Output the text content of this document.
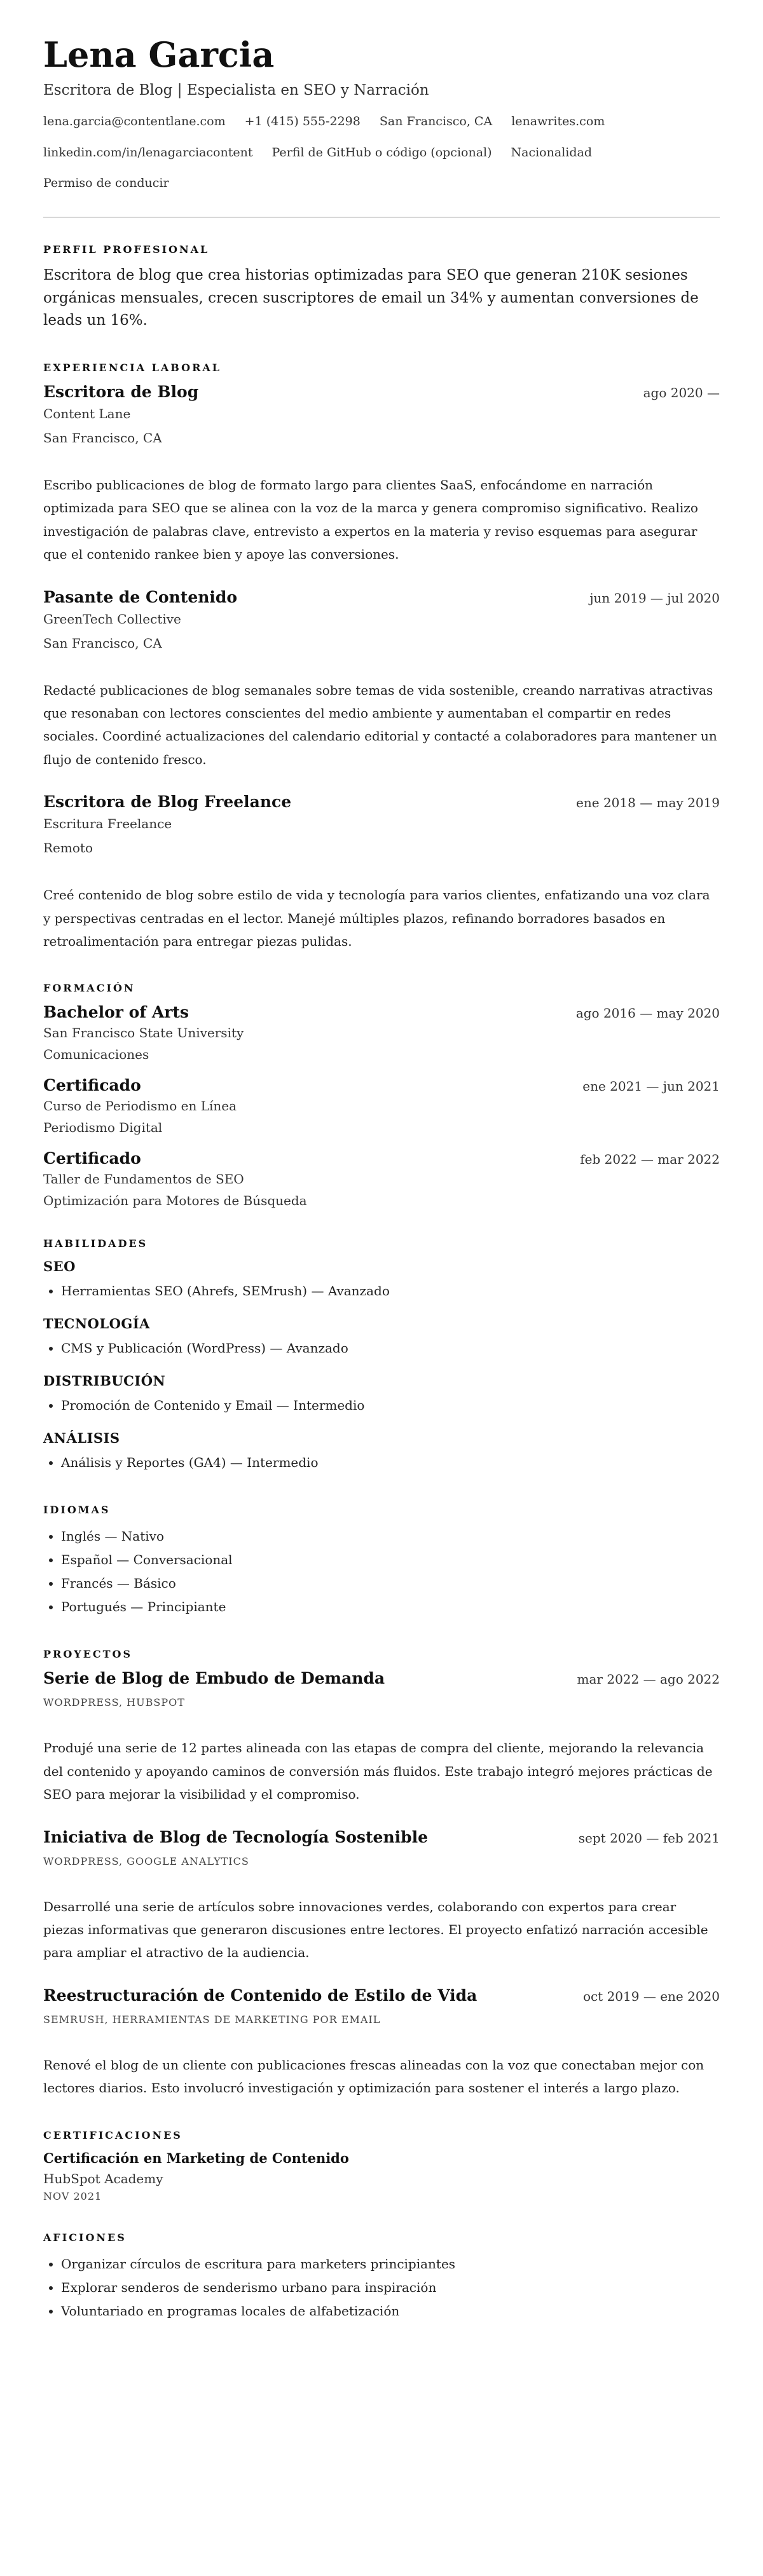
Lena Garcia
Escritora de Blog | Especialista en SEO y Narración
lena.garcia@contentlane.com +1 (415) 555-2298 San Francisco, CA lenawrites.com
linkedin.com/in/lenagarciacontent Perfil de GitHub o código (opcional) Nacionalidad
Permiso de conducir
PERFIL PROFESIONAL

Escritora de blog que crea historias optimizadas para SEO que generan 210K sesiones orgánicas mensuales, crecen suscriptores de email un 34% y aumentan conversiones de leads un 16%.

EXPERIENCIA LABORAL
Escritora de Blog	ago 2020 —
Content Lane
San Francisco, CA

Escribo publicaciones de blog de formato largo para clientes SaaS, enfocándome en narración optimizada para SEO que se alinea con la voz de la marca y genera compromiso significativo. Realizo investigación de palabras clave, entrevisto a expertos en la materia y reviso esquemas para asegurar que el contenido rankee bien y apoye las conversiones.

Pasante de Contenido	jun 2019 — jul 2020
GreenTech Collective
San Francisco, CA

Redacté publicaciones de blog semanales sobre temas de vida sostenible, creando narrativas atractivas que resonaban con lectores conscientes del medio ambiente y aumentaban el compartir en redes sociales. Coordiné actualizaciones del calendario editorial y contacté a colaboradores para mantener un flujo de contenido fresco.

Escritora de Blog Freelance	ene 2018 — may 2019
Escritura Freelance
Remoto

Creé contenido de blog sobre estilo de vida y tecnología para varios clientes, enfatizando una voz clara y perspectivas centradas en el lector. Manejé múltiples plazos, refinando borradores basados en retroalimentación para entregar piezas pulidas.

FORMACIÓN
Bachelor of Arts	ago 2016 — may 2020
San Francisco State University
Comunicaciones
Certificado	ene 2021 — jun 2021
Curso de Periodismo en Línea
Periodismo Digital
Certificado	feb 2022 — mar 2022
Taller de Fundamentos de SEO
Optimización para Motores de Búsqueda
HABILIDADES
SEO
• Herramientas SEO (Ahrefs, SEMrush) — Avanzado
TECNOLOGÍA
• CMS y Publicación (WordPress) — Avanzado
DISTRIBUCIÓN
• Promoción de Contenido y Email — Intermedio
ANÁLISIS
• Análisis y Reportes (GA4) — Intermedio
IDIOMAS
• Inglés — Nativo
• Español — Conversacional
• Francés — Básico
• Portugués — Principiante
PROYECTOS
Serie de Blog de Embudo de Demanda	mar 2022 — ago 2022
WORDPRESS, HUBSPOT

Produjé una serie de 12 partes alineada con las etapas de compra del cliente, mejorando la relevancia del contenido y apoyando caminos de conversión más fluidos. Este trabajo integró mejores prácticas de SEO para mejorar la visibilidad y el compromiso.

Iniciativa de Blog de Tecnología Sostenible	sept 2020 — feb 2021
WORDPRESS, GOOGLE ANALYTICS

Desarrollé una serie de artículos sobre innovaciones verdes, colaborando con expertos para crear piezas informativas que generaron discusiones entre lectores. El proyecto enfatizó narración accesible para ampliar el atractivo de la audiencia.

Reestructuración de Contenido de Estilo de Vida	oct 2019 — ene 2020
SEMRUSH, HERRAMIENTAS DE MARKETING POR EMAIL

Renové el blog de un cliente con publicaciones frescas alineadas con la voz que conectaban mejor con lectores diarios. Esto involucró investigación y optimización para sostener el interés a largo plazo.

CERTIFICACIONES
Certificación en Marketing de Contenido
HubSpot Academy
NOV 2021
AFICIONES
• Organizar círculos de escritura para marketers principiantes
• Explorar senderos de senderismo urbano para inspiración
• Voluntariado en programas locales de alfabetización
